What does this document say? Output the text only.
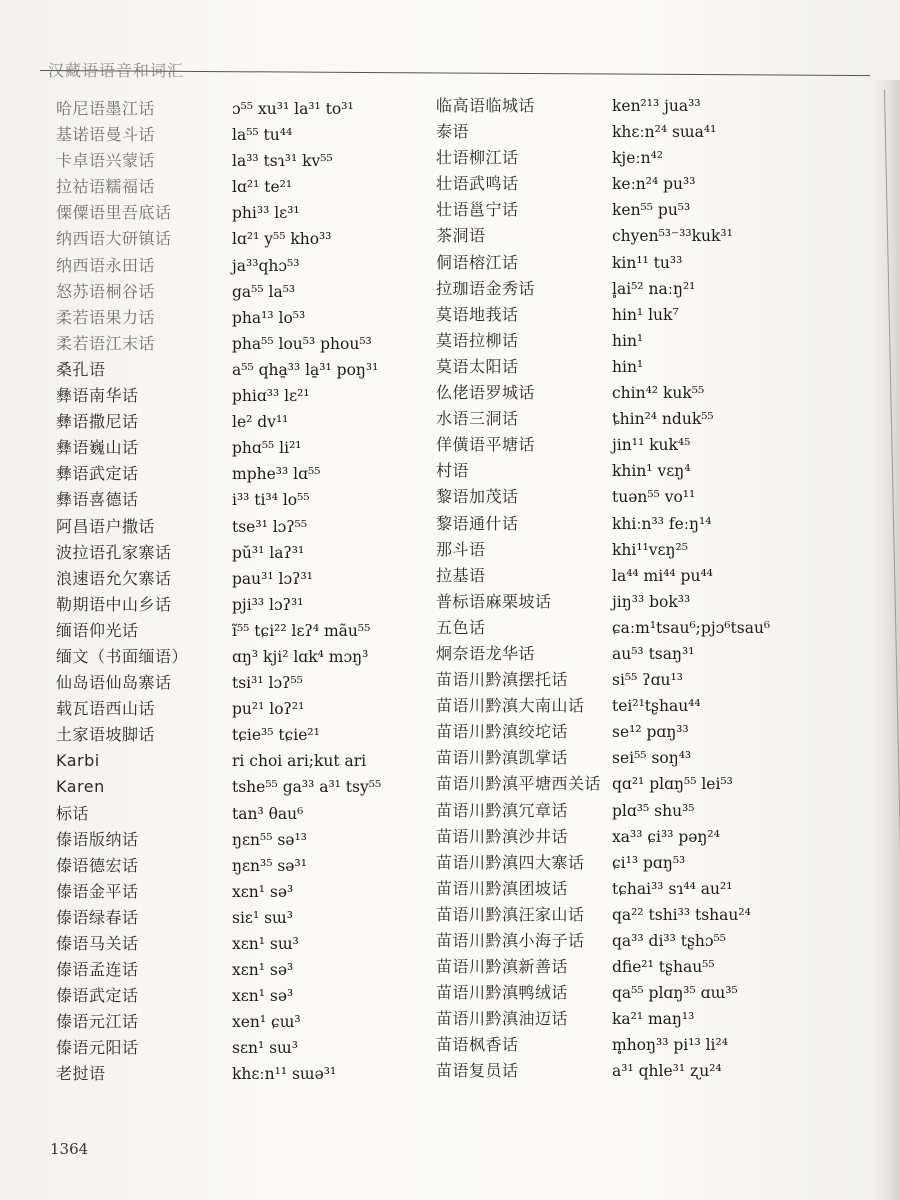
汉藏语语音和词汇
哈尼语墨江话
基诺语曼斗话
卡卓语兴蒙话
拉祜语糯福话
傈僳语里吾底话
纳西语大研镇话
纳西语永田话
怒苏语桐谷话
柔若语果力话
柔若语江末话
桑孔语
彝语南华话
彝语撒尼话
彝语巍山话
彝语武定话
彝语喜德话
阿昌语户撒话
波拉语孔家寨话
浪速语允欠寨话
勒期语中山乡话
缅语仰光话
缅文（书面缅语）
仙岛语仙岛寨话
载瓦语西山话
土家语坡脚话
Karbi
Karen
标话
傣语版纳话
傣语德宏话
傣语金平话
傣语绿春话
傣语马关话
傣语孟连话
傣语武定话
傣语元江话
傣语元阳话
老挝语
ɔ⁵⁵ xu³¹ la³¹ to³¹
la⁵⁵ tu⁴⁴
la³³ tsɿ³¹ kv⁵⁵
lɑ²¹ te²¹
phi³³ lɛ³¹
lɑ²¹ y⁵⁵ kho³³
ja³³qhɔ⁵³
ga⁵⁵ la⁵³
pha¹³ lo⁵³
pha⁵⁵ lou⁵³ phou⁵³
a⁵⁵ qha̱³³ la̱³¹ poŋ³¹
phiɑ³³ lɛ²¹
le² dv¹¹
phɑ⁵⁵ li²¹
mphe³³ lɑ⁵⁵
i³³ ti³⁴ lo⁵⁵
tse³¹ lɔʔ⁵⁵
pŭ³¹ laʔ³¹
pau³¹ lɔʔ³¹
pji³³ lɔʔ³¹
ĩ⁵⁵ tɕi²² lɛʔ⁴ mãu⁵⁵
ɑŋ³ kji² lɑk⁴ mɔŋ³
tsi³¹ lɔʔ⁵⁵
pu²¹ loʔ²¹
tɕie³⁵ tɕie²¹
ri choi ari;kut ari
tshe⁵⁵ ga³³ a³¹ tsy⁵⁵
tan³ θau⁶
ŋɛn⁵⁵ sə¹³
ŋɛn³⁵ sə³¹
xɛn¹ sə³
siɛ¹ sɯ³
xɛn¹ sɯ³
xɛn¹ sə³
xɛn¹ sə³
xen¹ ɕɯ³
sɛn¹ sɯ³
khɛːn¹¹ sɯə³¹
临高语临城话
泰语
壮语柳江话
壮语武鸣话
壮语邕宁话
茶洞语
侗语榕江话
拉珈语金秀话
莫语地莪话
莫语拉柳话
莫语太阳话
仫佬语罗城话
水语三洞话
佯僙语平塘话
村语
黎语加茂话
黎语通什话
那斗语
拉基语
普标语麻栗坡话
五色话
炯奈语龙华话
苗语川黔滇摆托话
苗语川黔滇大南山话
苗语川黔滇绞坨话
苗语川黔滇凯掌话
苗语川黔滇平塘西关话
苗语川黔滇冗章话
苗语川黔滇沙井话
苗语川黔滇四大寨话
苗语川黔滇团坡话
苗语川黔滇汪家山话
苗语川黔滇小海子话
苗语川黔滇新善话
苗语川黔滇鸭绒话
苗语川黔滇油迈话
苗语枫香话
苗语复员话
ken²¹³ jua³³
khɛːn²⁴ sɯa⁴¹
kjeːn⁴²
keːn²⁴ pu³³
ken⁵⁵ pu⁵³
chyen⁵³⁻³³kuk³¹
kin¹¹ tu³³
l̥ai⁵² naːŋ²¹
hin¹ luk⁷
hin¹
hin¹
chin⁴² kuk⁵⁵
ȶhin²⁴ nduk⁵⁵
jin¹¹ kuk⁴⁵
khin¹ vɛŋ⁴
tuən⁵⁵ vo¹¹
khiːn³³ feːŋ¹⁴
khi¹¹vɛŋ²⁵
la⁴⁴ mi⁴⁴ pu⁴⁴
jiŋ³³ bok³³
ɕaːm¹tsau⁶;pjɔ⁶tsau⁶
au⁵³ tsaŋ³¹
si⁵⁵ ʔɑu¹³
tei²¹tʂhau⁴⁴
se¹² pɑŋ³³
sei⁵⁵ soŋ⁴³
qɑ²¹ plɑŋ⁵⁵ lei⁵³
plɑ³⁵ shu³⁵
xa³³ ɕi³³ pəŋ²⁴
ɕi¹³ pɑŋ⁵³
tɕhai³³ sɿ⁴⁴ au²¹
qa²² tshi³³ tshau²⁴
qa³³ di³³ tʂhɔ⁵⁵
dfie²¹ tʂhau⁵⁵
qa⁵⁵ plɑŋ³⁵ ɑɯ³⁵
ka²¹ maŋ¹³
m̥hoŋ³³ pi¹³ li²⁴
a³¹ qhle³¹ ʐu²⁴
1364
